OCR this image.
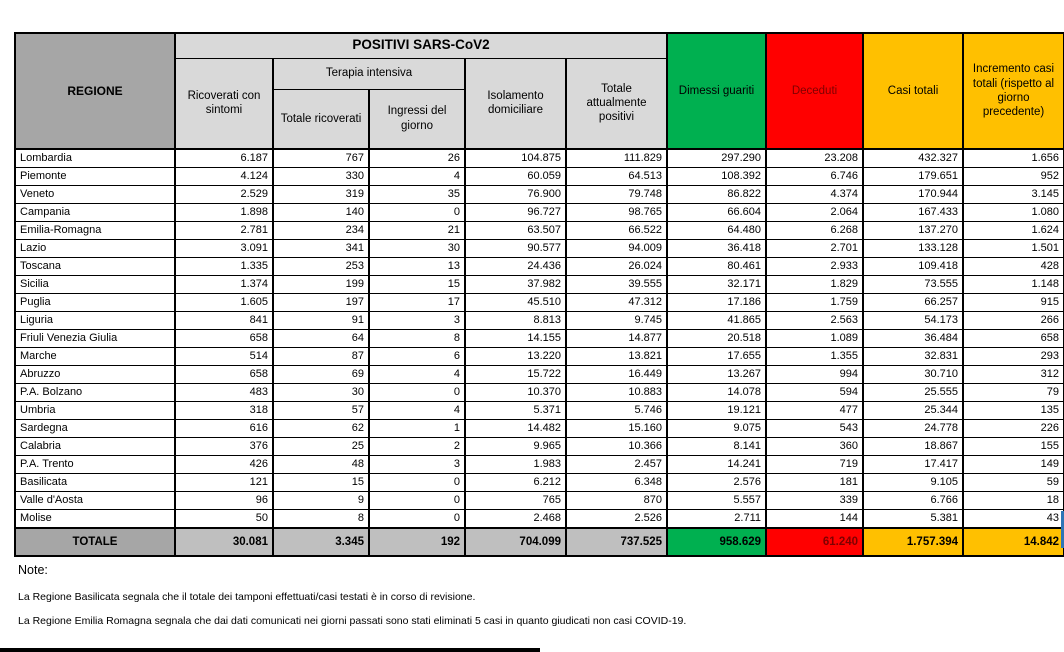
REGIONE	POSITIVI SARS-CoV2					Dimessi guariti	Deceduti	Casi totali	Incremento casi totali (rispetto al giorno precedente)
	Ricoverati con sintomi	Terapia intensiva		Isolamento domiciliare	Totale attualmente positivi				
		Totale ricoverati	Ingressi del giorno						
Lombardia	6.187	767	26	104.875	111.829	297.290	23.208	432.327	1.656
Piemonte	4.124	330	4	60.059	64.513	108.392	6.746	179.651	952
Veneto	2.529	319	35	76.900	79.748	86.822	4.374	170.944	3.145
Campania	1.898	140	0	96.727	98.765	66.604	2.064	167.433	1.080
Emilia-Romagna	2.781	234	21	63.507	66.522	64.480	6.268	137.270	1.624
Lazio	3.091	341	30	90.577	94.009	36.418	2.701	133.128	1.501
Toscana	1.335	253	13	24.436	26.024	80.461	2.933	109.418	428
Sicilia	1.374	199	15	37.982	39.555	32.171	1.829	73.555	1.148
Puglia	1.605	197	17	45.510	47.312	17.186	1.759	66.257	915
Liguria	841	91	3	8.813	9.745	41.865	2.563	54.173	266
Friuli Venezia Giulia	658	64	8	14.155	14.877	20.518	1.089	36.484	658
Marche	514	87	6	13.220	13.821	17.655	1.355	32.831	293
Abruzzo	658	69	4	15.722	16.449	13.267	994	30.710	312
P.A. Bolzano	483	30	0	10.370	10.883	14.078	594	25.555	79
Umbria	318	57	4	5.371	5.746	19.121	477	25.344	135
Sardegna	616	62	1	14.482	15.160	9.075	543	24.778	226
Calabria	376	25	2	9.965	10.366	8.141	360	18.867	155
P.A. Trento	426	48	3	1.983	2.457	14.241	719	17.417	149
Basilicata	121	15	0	6.212	6.348	2.576	181	9.105	59
Valle d'Aosta	96	9	0	765	870	5.557	339	6.766	18
Molise	50	8	0	2.468	2.526	2.711	144	5.381	43
TOTALE	30.081	3.345	192	704.099	737.525	958.629	61.240	1.757.394	14.842

Note:

La Regione Basilicata segnala che il totale dei tamponi effettuati/casi testati è in corso di revisione.

La Regione Emilia Romagna segnala che dai dati comunicati nei giorni passati sono stati eliminati 5 casi in quanto giudicati non casi COVID-19.
